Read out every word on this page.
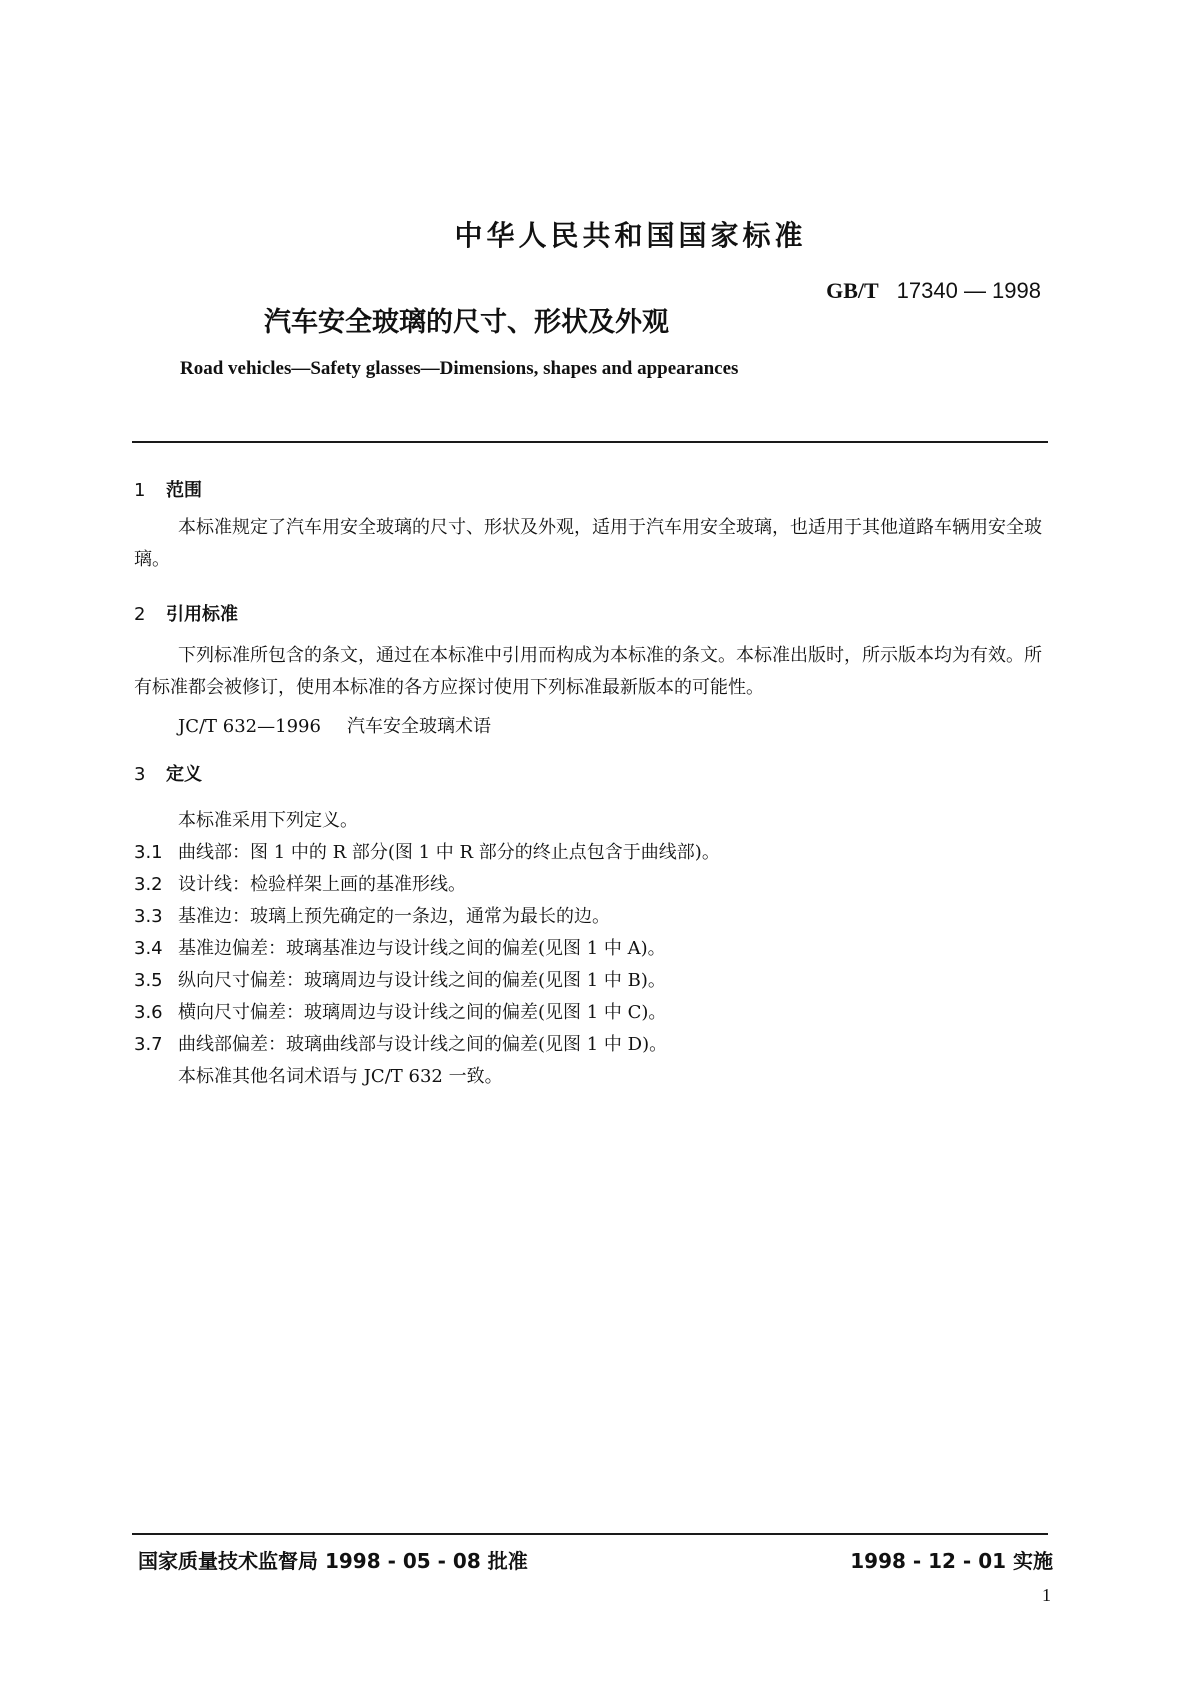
中华人民共和国国家标准
GB/T 17340 — 1998
汽车安全玻璃的尺寸、形状及外观
Road vehicles—Safety glasses—Dimensions, shapes and appearances
1 范围
本标准规定了汽车用安全玻璃的尺寸、形状及外观，适用于汽车用安全玻璃，也适用于其他道路车辆用安全玻璃。
2 引用标准
下列标准所包含的条文，通过在本标准中引用而构成为本标准的条文。本标准出版时，所示版本均为有效。所有标准都会被修订，使用本标准的各方应探讨使用下列标准最新版本的可能性。
JC/T 632—1996 汽车安全玻璃术语
3 定义
本标准采用下列定义。
3.1 曲线部：图 1 中的 R 部分(图 1 中 R 部分的终止点包含于曲线部)。
3.2 设计线：检验样架上画的基准形线。
3.3 基准边：玻璃上预先确定的一条边，通常为最长的边。
3.4 基准边偏差：玻璃基准边与设计线之间的偏差(见图 1 中 A)。
3.5 纵向尺寸偏差：玻璃周边与设计线之间的偏差(见图 1 中 B)。
3.6 横向尺寸偏差：玻璃周边与设计线之间的偏差(见图 1 中 C)。
3.7 曲线部偏差：玻璃曲线部与设计线之间的偏差(见图 1 中 D)。
本标准其他名词术语与 JC/T 632 一致。
国家质量技术监督局 1998 - 05 - 08 批准	1998 - 12 - 01 实施
1
